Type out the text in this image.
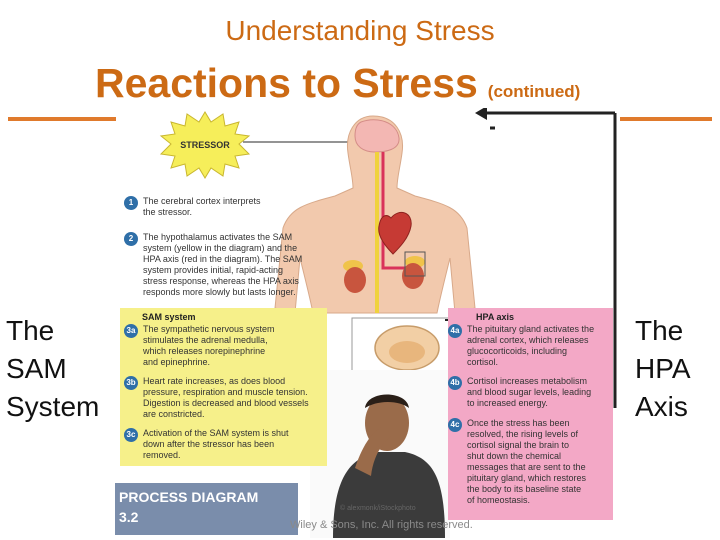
Understanding Stress
Reactions to Stress (continued)
STRESSOR
1	The cerebral cortex interprets
the stressor.
2	The hypothalamus activates the SAM
system (yellow in the diagram) and the
HPA axis (red in the diagram). The SAM
system provides initial, rapid-acting
stress response, whereas the HPA axis
responds more slowly but lasts longer.
SAM system
3a The sympathetic nervous system
stimulates the adrenal medulla,
which releases norepinephrine
and epinephrine.
3b Heart rate increases, as does blood
pressure, respiration and muscle tension.
Digestion is decreased and blood vessels
are constricted.
3c Activation of the SAM system is shut
down after the stressor has been
removed.
HPA axis
4a The pituitary gland activates the
adrenal cortex, which releases
glucocorticoids, including
cortisol.
4b Cortisol increases metabolism
and blood sugar levels, leading
to increased energy.
4c Once the stress has been
resolved, the rising levels of
cortisol signal the brain to
shut down the chemical
messages that are sent to the
pituitary gland, which restores
the body to its baseline state
of homeostasis.
The
SAM
System
The
HPA
Axis
PROCESS DIAGRAM
3.2
© alexmonk/iStockphoto
Wiley & Sons, Inc. All rights reserved.
